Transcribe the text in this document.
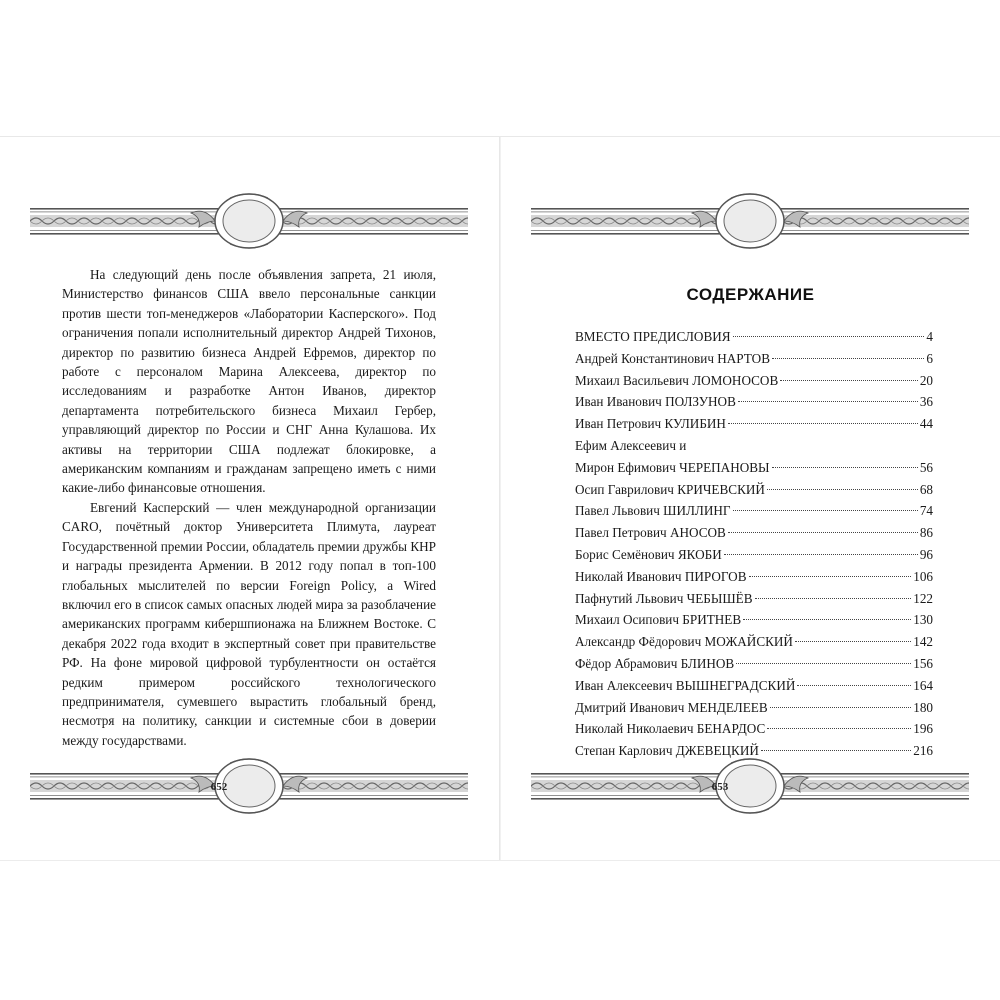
На следующий день после объявления запрета, 21 июля, Министерство финансов США ввело персональные санкции против шести топ-менеджеров «Лаборатории Касперского». Под ограничения попали исполнительный директор Андрей Тихонов, директор по развитию бизнеса Андрей Ефремов, директор по работе с персоналом Марина Алексеева, директор по исследованиям и разработке Антон Иванов, директор департамента потребительского бизнеса Михаил Гербер, управляющий директор по России и СНГ Анна Кулашова. Их активы на территории США подлежат блокировке, а американским компаниям и гражданам запрещено иметь с ними какие-либо финансовые отношения.

Евгений Касперский — член международной организации CARO, почётный доктор Университета Плимута, лауреат Государственной премии России, обладатель премии дружбы КНР и награды президента Армении. В 2012 году попал в топ-100 глобальных мыслителей по версии Foreign Policy, а Wired включил его в список самых опасных людей мира за разоблачение американских программ кибершпионажа на Ближнем Востоке. С декабря 2022 года входит в экспертный совет при правительстве РФ. На фоне мировой цифровой турбулентности он остаётся редким примером российского технологического предпринимателя, сумевшего вырастить глобальный бренд, несмотря на политику, санкции и системные сбои в доверии между государствами.

652
СОДЕРЖАНИЕ
ВМЕСТО ПРЕДИСЛОВИЯ	4
Андрей Константинович НАРТОВ	6
Михаил Васильевич ЛОМОНОСОВ	20
Иван Иванович ПОЛЗУНОВ	36
Иван Петрович КУЛИБИН	44
Ефим Алексеевич и
Мирон Ефимович ЧЕРЕПАНОВЫ	56
Осип Гаврилович КРИЧЕВСКИЙ	68
Павел Львович ШИЛЛИНГ	74
Павел Петрович АНОСОВ	86
Борис Семёнович ЯКОБИ	96
Николай Иванович ПИРОГОВ	106
Пафнутий Львович ЧЕБЫШЁВ	122
Михаил Осипович БРИТНЕВ	130
Александр Фёдорович МОЖАЙСКИЙ	142
Фёдор Абрамович БЛИНОВ	156
Иван Алексеевич ВЫШНЕГРАДСКИЙ	164
Дмитрий Иванович МЕНДЕЛЕЕВ	180
Николай Николаевич БЕНАРДОС	196
Степан Карлович ДЖЕВЕЦКИЙ	216
653
